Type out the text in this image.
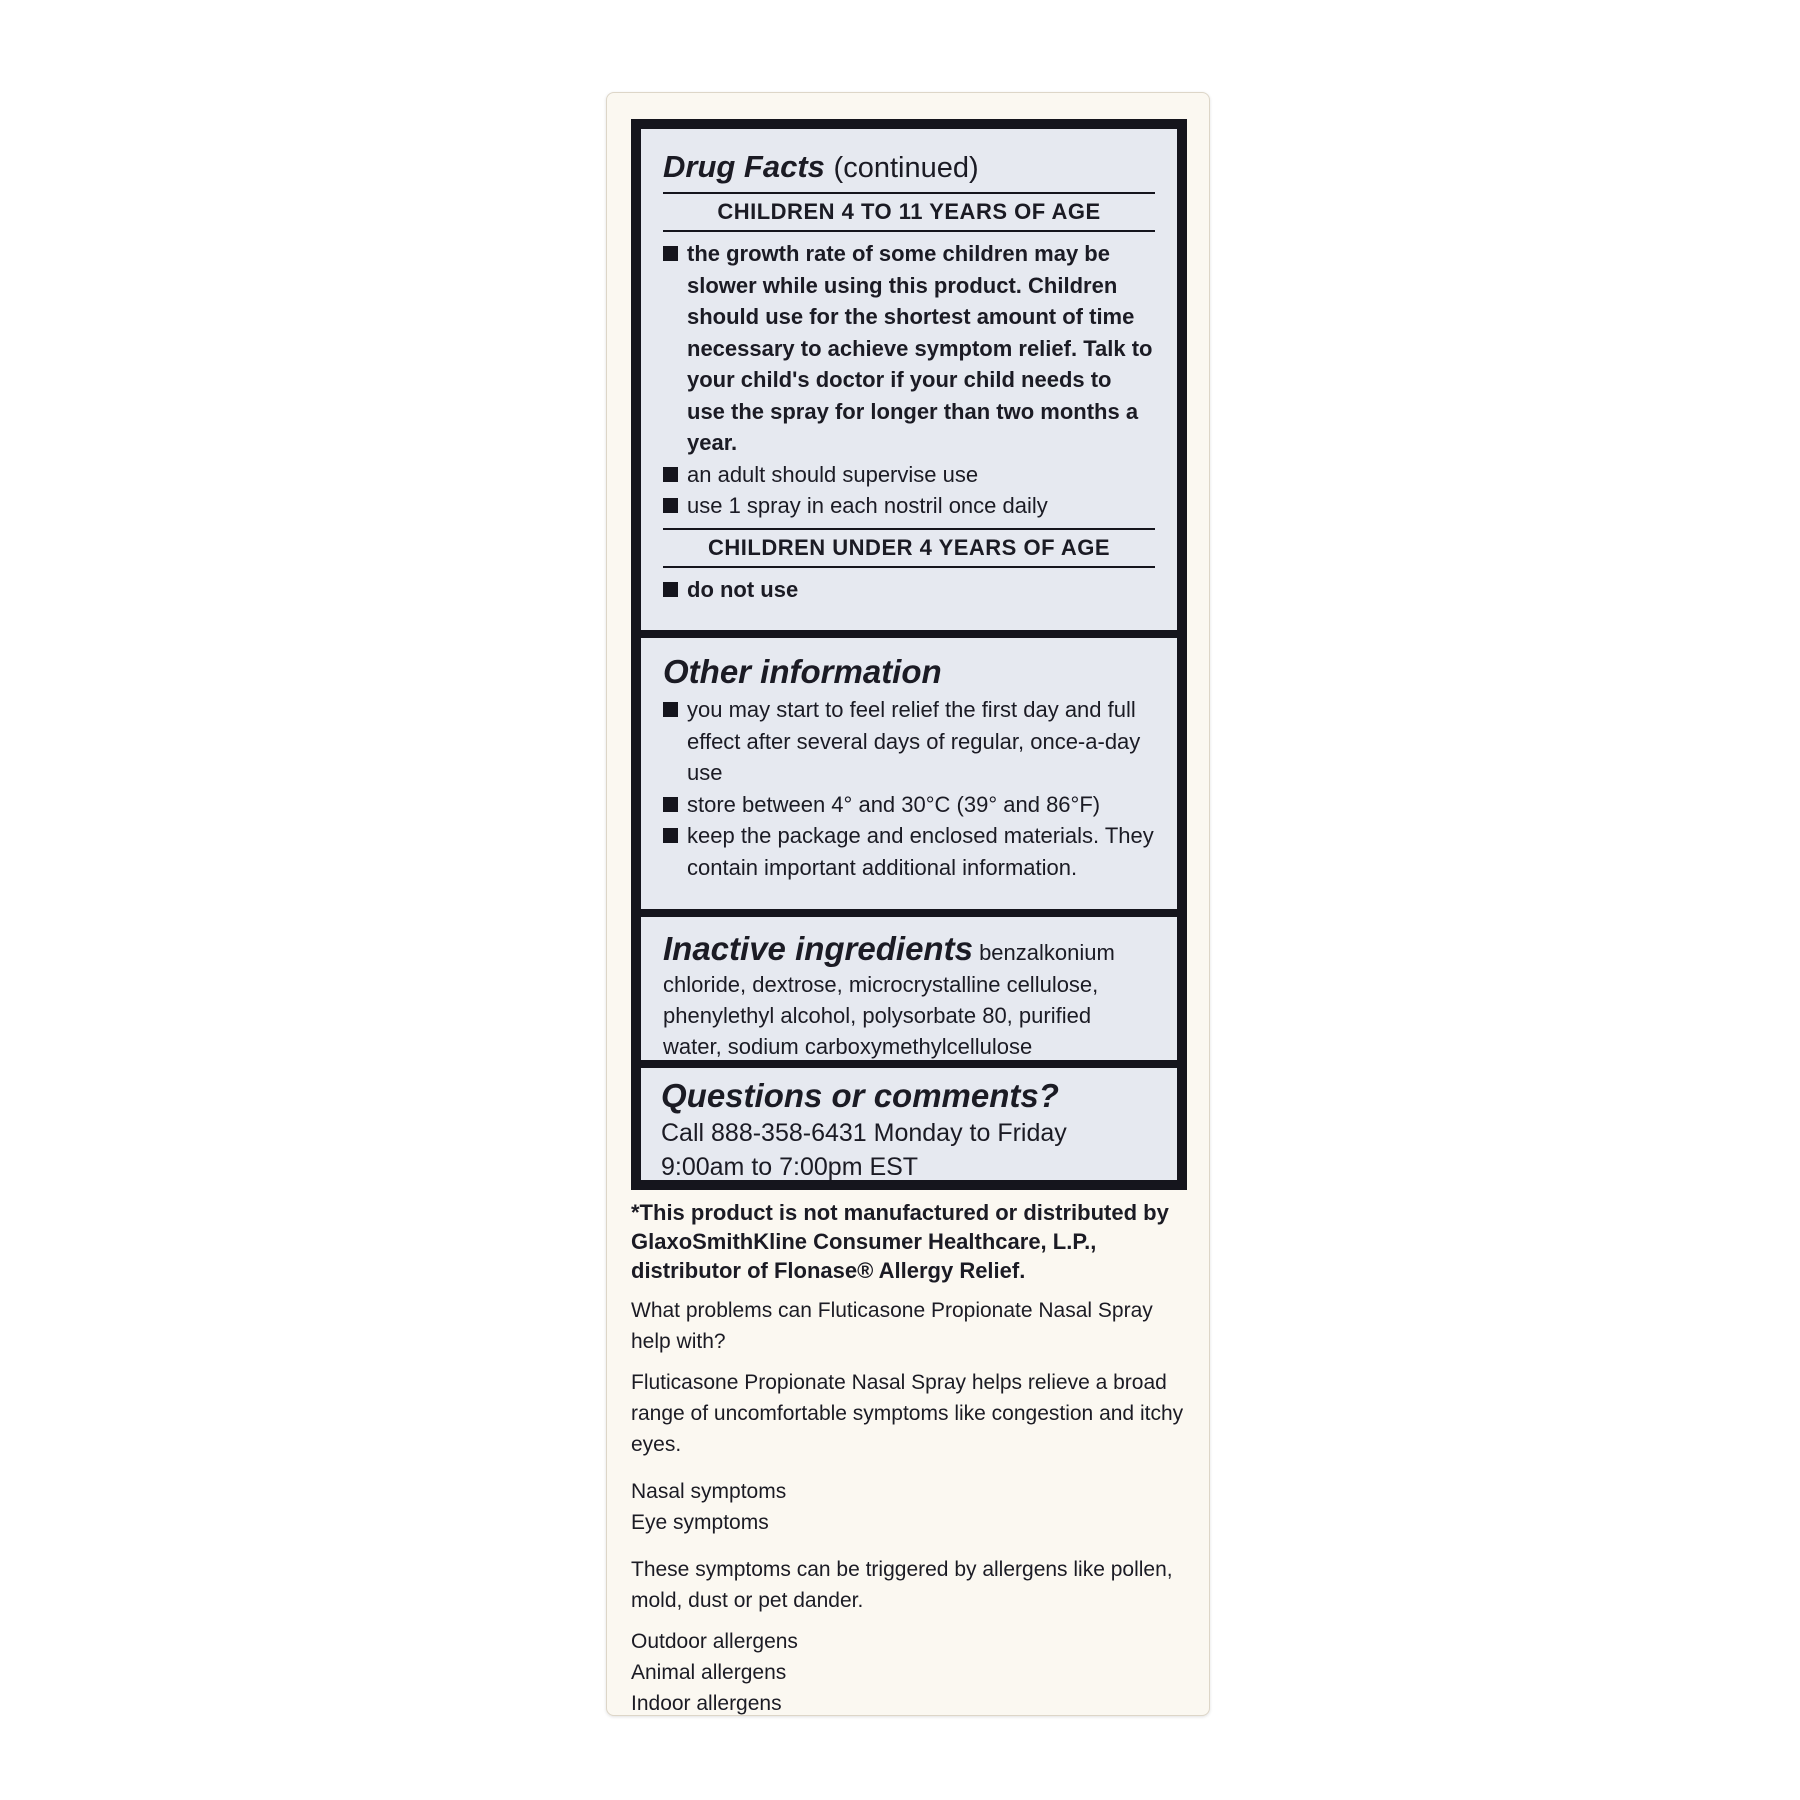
Drug Facts (continued)
CHILDREN 4 TO 11 YEARS OF AGE
the growth rate of some children may be slower while using this product. Children should use for the shortest amount of time necessary to achieve symptom relief. Talk to your child's doctor if your child needs to use the spray for longer than two months a year.
an adult should supervise use
use 1 spray in each nostril once daily
CHILDREN UNDER 4 YEARS OF AGE
do not use
Other information
you may start to feel relief the first day and full effect after several days of regular, once-a-day use
store between 4° and 30°C (39° and 86°F)
keep the package and enclosed materials. They contain important additional information.
Inactive ingredients benzalkonium chloride, dextrose, microcrystalline cellulose, phenylethyl alcohol, polysorbate 80, purified water, sodium carboxymethylcellulose
Questions or comments?
Call 888-358-6431 Monday to Friday
9:00am to 7:00pm EST
*This product is not manufactured or distributed by GlaxoSmithKline Consumer Healthcare, L.P., distributor of Flonase® Allergy Relief.

What problems can Fluticasone Propionate Nasal Spray help with?

Fluticasone Propionate Nasal Spray helps relieve a broad range of uncomfortable symptoms like congestion and itchy eyes.

Nasal symptoms

Eye symptoms

These symptoms can be triggered by allergens like pollen, mold, dust or pet dander.

Outdoor allergens

Animal allergens

Indoor allergens
